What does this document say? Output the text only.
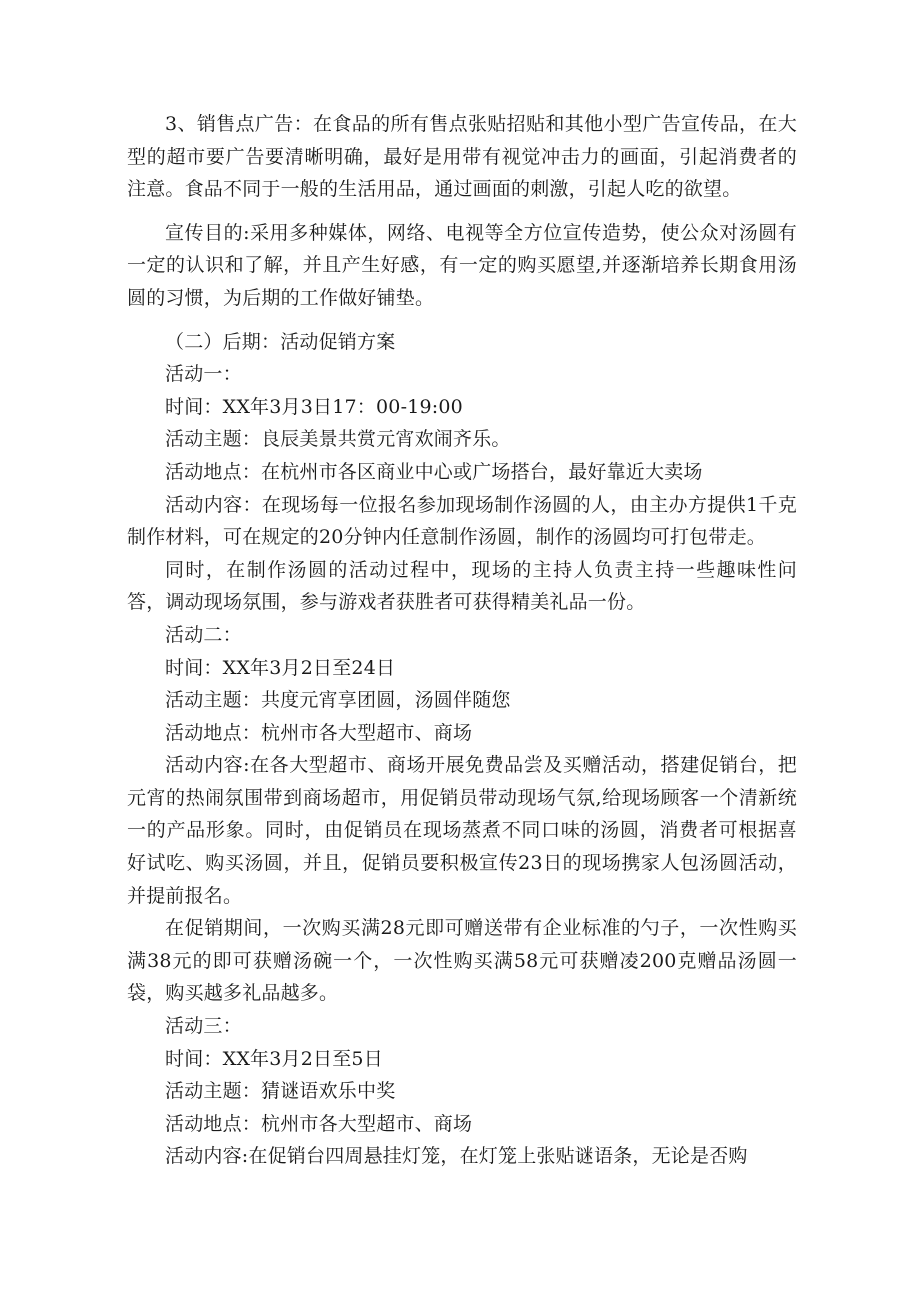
3、销售点广告：在食品的所有售点张贴招贴和其他小型广告宣传品，在大型的超市要广告要清晰明确，最好是用带有视觉冲击力的画面，引起消费者的注意。食品不同于一般的生活用品，通过画面的刺激，引起人吃的欲望。

宣传目的:采用多种媒体，网络、电视等全方位宣传造势，使公众对汤圆有一定的认识和了解，并且产生好感，有一定的购买愿望,并逐渐培养长期食用汤圆的习惯，为后期的工作做好铺垫。

（二）后期：活动促销方案

活动一：

时间：XX年3月3日17：00-19:00

活动主题：良辰美景共赏元宵欢闹齐乐。

活动地点：在杭州市各区商业中心或广场搭台，最好靠近大卖场

活动内容：在现场每一位报名参加现场制作汤圆的人，由主办方提供1千克制作材料，可在规定的20分钟内任意制作汤圆，制作的汤圆均可打包带走。

同时，在制作汤圆的活动过程中，现场的主持人负责主持一些趣味性问答，调动现场氛围，参与游戏者获胜者可获得精美礼品一份。

活动二：

时间：XX年3月2日至24日

活动主题：共度元宵享团圆，汤圆伴随您

活动地点：杭州市各大型超市、商场

活动内容:在各大型超市、商场开展免费品尝及买赠活动，搭建促销台，把元宵的热闹氛围带到商场超市，用促销员带动现场气氛,给现场顾客一个清新统一的产品形象。同时，由促销员在现场蒸煮不同口味的汤圆，消费者可根据喜好试吃、购买汤圆，并且，促销员要积极宣传23日的现场携家人包汤圆活动，并提前报名。

在促销期间，一次购买满28元即可赠送带有企业标准的勺子，一次性购买满38元的即可获赠汤碗一个，一次性购买满58元可获赠凌200克赠品汤圆一袋，购买越多礼品越多。

活动三：

时间：XX年3月2日至5日

活动主题：猜谜语欢乐中奖

活动地点：杭州市各大型超市、商场

活动内容:在促销台四周悬挂灯笼，在灯笼上张贴谜语条，无论是否购
